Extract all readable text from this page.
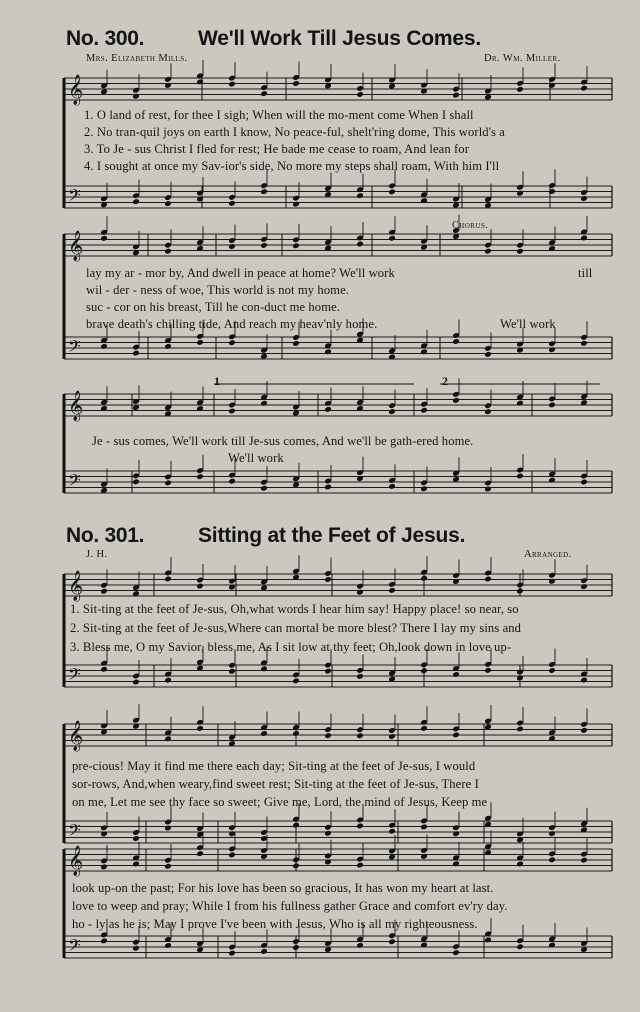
𝄞
𝄢
𝄞
𝄢
𝄞
𝄢
𝄞
𝄢
𝄞
𝄢
𝄞
𝄢
No. 300.	We'll Work Till Jesus Comes.
Mrs. Elizabeth Mills.	Dr. Wm. Miller.
1. O land of rest, for thee I sigh; When will the mo-ment come When I shall
2. No tran-quil joys on earth I know, No peace-ful, shelt'ring dome, This world's a
3. To Je - sus Christ I fled for rest; He bade me cease to roam, And lean for
4. I sought at once my Sav-ior's side, No more my steps shall roam, With him I'll
Chorus.
lay my ar - mor by, And dwell in peace at home? We'll work	till
wil - der - ness of woe, This world is not my home.
suc - cor on his breast, Till he con-duct me home.
brave death's chilling tide, And reach my heav'nly home.	We'll work
1	2
Je - sus comes, We'll work till Je-sus comes, And we'll be gath-ered home.
We'll work
No. 301.	Sitting at the Feet of Jesus.
J. H.	Arranged.
1. Sit-ting at the feet of Je-sus, Oh,what words I hear him say! Happy place! so near, so
2. Sit-ting at the feet of Je-sus,Where can mortal be more blest? There I lay my sins and
3. Bless me, O my Savior, bless me, As I sit low at thy feet; Oh,look down in love up-
pre-cious! May it find me there each day; Sit-ting at the feet of Je-sus, I would
sor-rows, And,when weary,find sweet rest; Sit-ting at the feet of Je-sus, There I
on me, Let me see thy face so sweet; Give me, Lord, the mind of Jesus, Keep me
look up-on the past; For his love has been so gracious, It has won my heart at last.
love to weep and pray; While I from his fullness gather Grace and comfort ev'ry day.
ho - ly as he is; May I prove I've been with Jesus, Who is all my righteousness.
